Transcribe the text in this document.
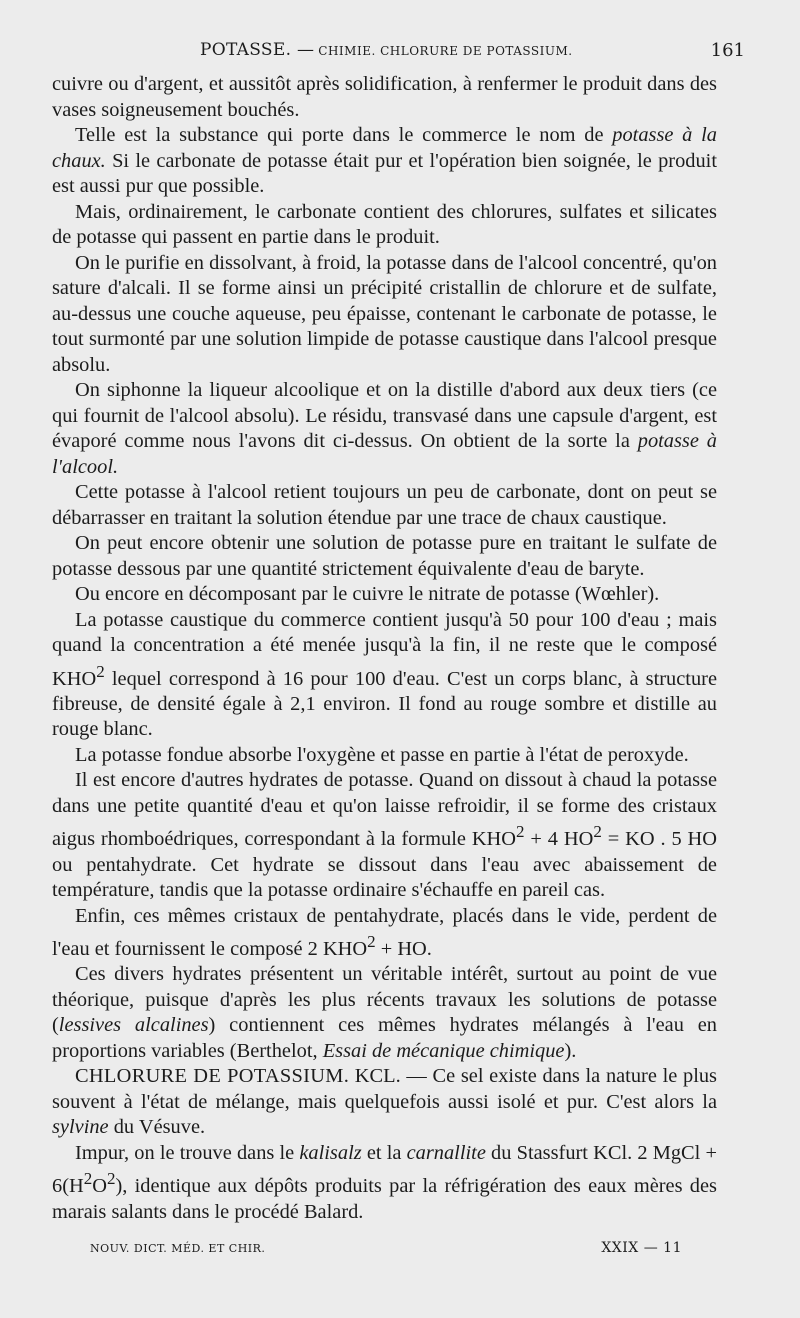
POTASSE. — CHIMIE. CHLORURE DE POTASSIUM.	161

cuivre ou d'argent, et aussitôt après solidification, à renfermer le produit dans des vases soigneusement bouchés.

Telle est la substance qui porte dans le commerce le nom de potasse à la chaux. Si le carbonate de potasse était pur et l'opération bien soignée, le produit est aussi pur que possible.

Mais, ordinairement, le carbonate contient des chlorures, sulfates et silicates de potasse qui passent en partie dans le produit.

On le purifie en dissolvant, à froid, la potasse dans de l'alcool concentré, qu'on sature d'alcali. Il se forme ainsi un précipité cristallin de chlorure et de sulfate, au-dessus une couche aqueuse, peu épaisse, contenant le carbonate de potasse, le tout surmonté par une solution limpide de potasse caustique dans l'alcool presque absolu.

On siphonne la liqueur alcoolique et on la distille d'abord aux deux tiers (ce qui fournit de l'alcool absolu). Le résidu, transvasé dans une capsule d'argent, est évaporé comme nous l'avons dit ci-dessus. On obtient de la sorte la potasse à l'alcool.

Cette potasse à l'alcool retient toujours un peu de carbonate, dont on peut se débarrasser en traitant la solution étendue par une trace de chaux caustique.

On peut encore obtenir une solution de potasse pure en traitant le sulfate de potasse dessous par une quantité strictement équivalente d'eau de baryte.

Ou encore en décomposant par le cuivre le nitrate de potasse (Wœhler).

La potasse caustique du commerce contient jusqu'à 50 pour 100 d'eau ; mais quand la concentration a été menée jusqu'à la fin, il ne reste que le composé KHO$^2$ lequel correspond à 16 pour 100 d'eau. C'est un corps blanc, à structure fibreuse, de densité égale à 2,1 environ. Il fond au rouge sombre et distille au rouge blanc.

La potasse fondue absorbe l'oxygène et passe en partie à l'état de peroxyde.

Il est encore d'autres hydrates de potasse. Quand on dissout à chaud la potasse dans une petite quantité d'eau et qu'on laisse refroidir, il se forme des cristaux aigus rhomboédriques, correspondant à la formule $KHO^2 + 4$ $HO^2$ = KO . 5 HO ou pentahydrate. Cet hydrate se dissout dans l'eau avec abaissement de température, tandis que la potasse ordinaire s'échauffe en pareil cas.

Enfin, ces mêmes cristaux de pentahydrate, placés dans le vide, perdent de l'eau et fournissent le composé 2 $KHO^2$ + HO.

Ces divers hydrates présentent un véritable intérêt, surtout au point de vue théorique, puisque d'après les plus récents travaux les solutions de potasse (lessives alcalines) contiennent ces mêmes hydrates mélangés à l'eau en proportions variables (Berthelot, Essai de mécanique chimique).

CHLORURE DE POTASSIUM. KCL. — Ce sel existe dans la nature le plus souvent à l'état de mélange, mais quelquefois aussi isolé et pur. C'est alors la sylvine du Vésuve.

Impur, on le trouve dans le kalisalz et la carnallite du Stassfurt KCl. 2 MgCl + $6(H^2O^2)$, identique aux dépôts produits par la réfrigération des eaux mères des marais salants dans le procédé Balard.

NOUV. DICT. MÉD. ET CHIR.	XXIX — 11
